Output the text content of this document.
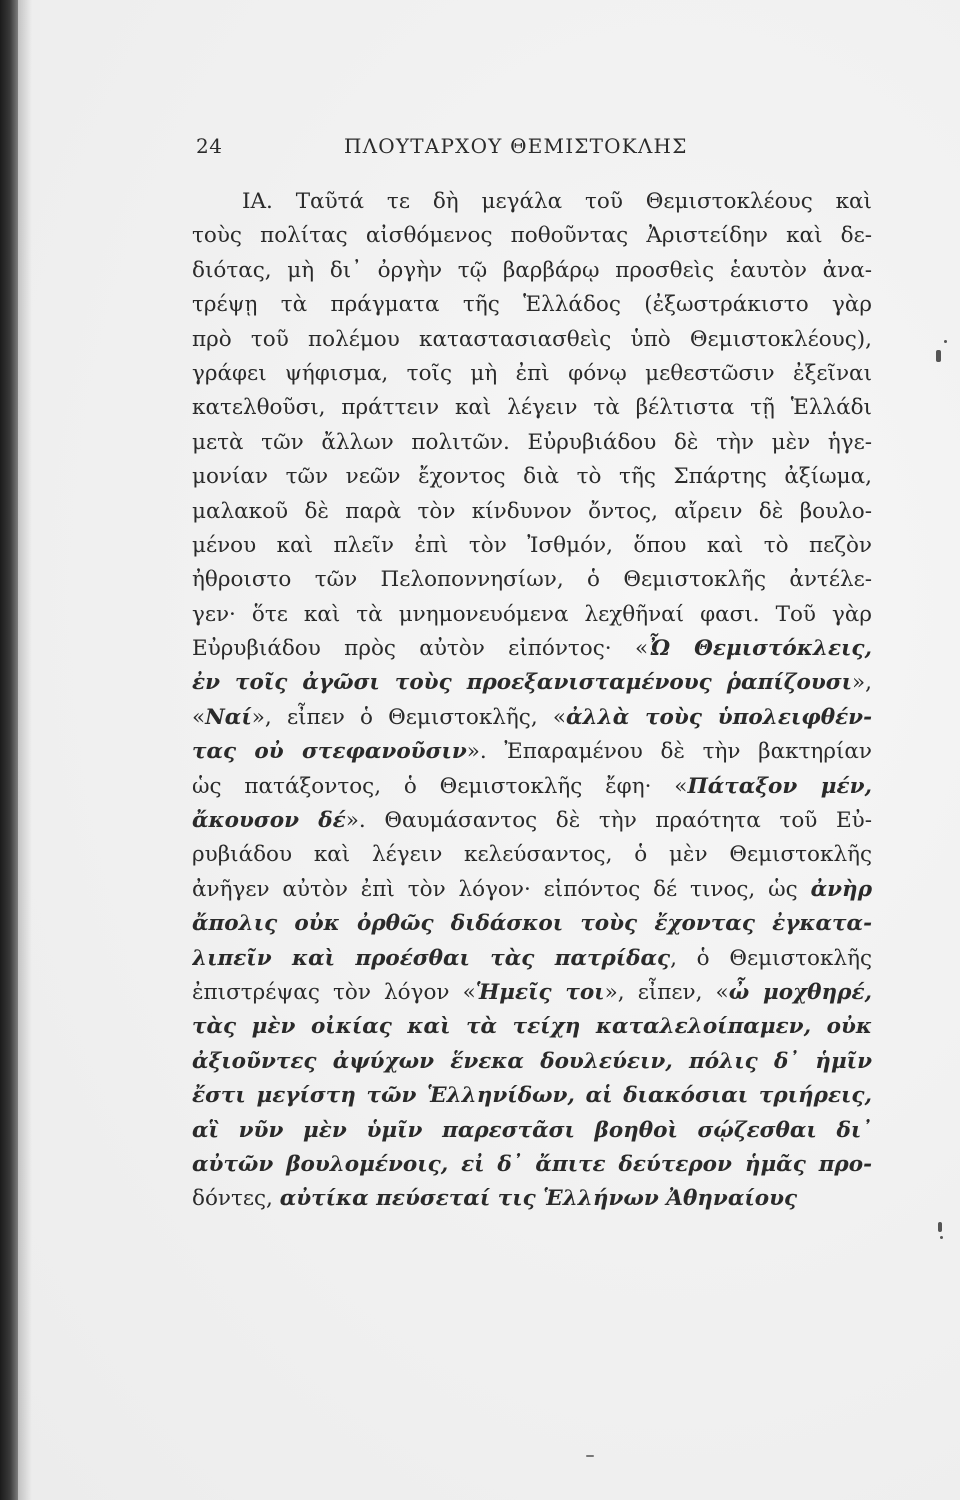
24	ΠΛΟΥΤΑΡΧΟΥ ΘΕΜΙΣΤΟΚΛΗΣ
ΙΑ. Ταῦτά τε δὴ μεγάλα τοῦ Θεμιστοκλέους καὶ
τοὺς πολίτας αἰσθόμενος ποθοῦντας Ἀριστείδην καὶ δε-
διότας, μὴ δι᾽ ὀργὴν τῷ βαρβάρῳ προσθεὶς ἑαυτὸν ἀνα-
τρέψῃ τὰ πράγματα τῆς Ἑλλάδος (ἐξωστράκιστο γὰρ
πρὸ τοῦ πολέμου καταστασιασθεὶς ὑπὸ Θεμιστοκλέους),
γράφει ψήφισμα, τοῖς μὴ ἐπὶ φόνῳ μεθεστῶσιν ἐξεῖναι
κατελθοῦσι, πράττειν καὶ λέγειν τὰ βέλτιστα τῇ Ἑλλάδι
μετὰ τῶν ἄλλων πολιτῶν. Εὐρυβιάδου δὲ τὴν μὲν ἡγε-
μονίαν τῶν νεῶν ἔχοντος διὰ τὸ τῆς Σπάρτης ἀξίωμα,
μαλακοῦ δὲ παρὰ τὸν κίνδυνον ὄντος, αἴρειν δὲ βουλο-
μένου καὶ πλεῖν ἐπὶ τὸν Ἰσθμόν, ὅπου καὶ τὸ πεζὸν
ἠθροιστο τῶν Πελοποννησίων, ὁ Θεμιστοκλῆς ἀντέλε-
γεν· ὅτε καὶ τὰ μνημονευόμενα λεχθῆναί φασι. Τοῦ γὰρ
Εὐρυβιάδου πρὸς αὐτὸν εἰπόντος· «Ὦ Θεμιστόκλεις,
ἐν τοῖς ἀγῶσι τοὺς προεξανισταμένους ῥαπίζουσι»,
«Ναί», εἶπεν ὁ Θεμιστοκλῆς, «ἀλλὰ τοὺς ὑπολειφθέν-
τας οὐ στεφανοῦσιν». Ἐπαραμένου δὲ τὴν βακτηρίαν
ὡς πατάξοντος, ὁ Θεμιστοκλῆς ἔφη· «Πάταξον μέν,
ἄκουσον δέ». Θαυμάσαντος δὲ τὴν πραότητα τοῦ Εὐ-
ρυβιάδου καὶ λέγειν κελεύσαντος, ὁ μὲν Θεμιστοκλῆς
ἀνῆγεν αὐτὸν ἐπὶ τὸν λόγον· εἰπόντος δέ τινος, ὡς ἀνὴρ
ἄπολις οὐκ ὀρθῶς διδάσκοι τοὺς ἔχοντας ἐγκατα-
λιπεῖν καὶ προέσθαι τὰς πατρίδας, ὁ Θεμιστοκλῆς
ἐπιστρέψας τὸν λόγον «Ἡμεῖς τοι», εἶπεν, «ὦ μοχθηρέ,
τὰς μὲν οἰκίας καὶ τὰ τείχη καταλελοίπαμεν, οὐκ
ἀξιοῦντες ἀψύχων ἕνεκα δουλεύειν, πόλις δ᾽ ἡμῖν
ἔστι μεγίστη τῶν Ἑλληνίδων, αἱ διακόσιαι τριήρεις,
αἳ νῦν μὲν ὑμῖν παρεστᾶσι βοηθοὶ σῴζεσθαι δι᾽
αὐτῶν βουλομένοις, εἰ δ᾽ ἄπιτε δεύτερον ἡμᾶς προ-
δόντες, αὐτίκα πεύσεταί τις Ἑλλήνων Ἀθηναίους
